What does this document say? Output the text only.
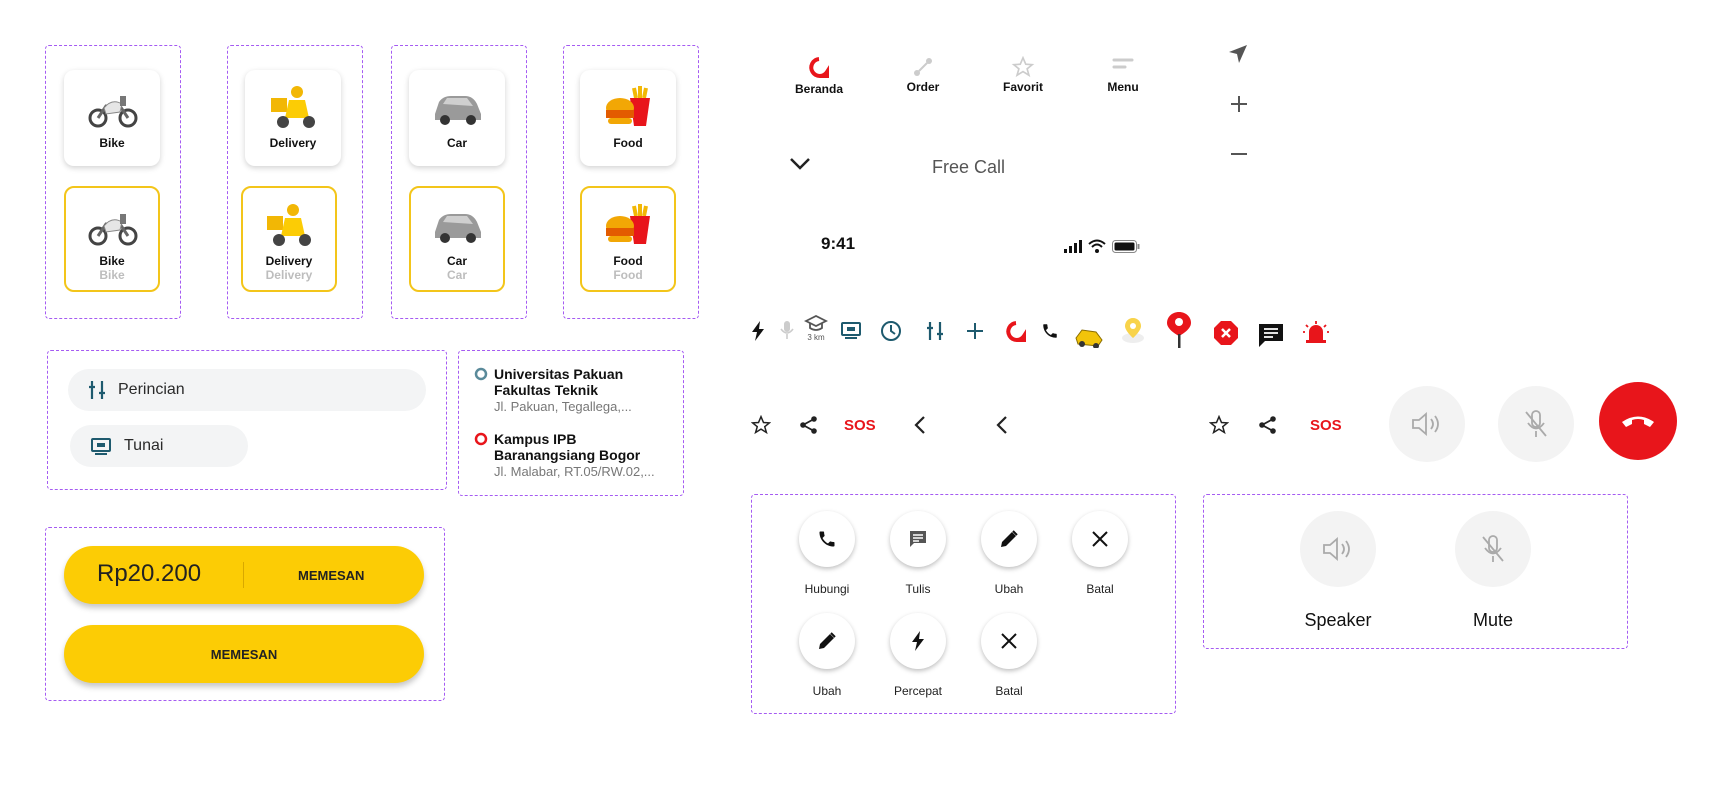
Bike
Bike
Bike
Delivery
Delivery
Delivery
Car
Car
Car
Food
Food
Food
Perincian
Tunai
Universitas Pakuan
Fakultas Teknik
Jl. Pakuan, Tegallega,...
Kampus IPB
Baranangsiang Bogor
Jl. Malabar, RT.05/RW.02,...
Rp20.200	MEMESAN
MEMESAN
Beranda	Order	Favorit	Menu
Free Call
9:41
3 km
SOS	SOS
Hubungi	Tulis	Ubah	Batal
Ubah	Percepat	Batal
Speaker	Mute
